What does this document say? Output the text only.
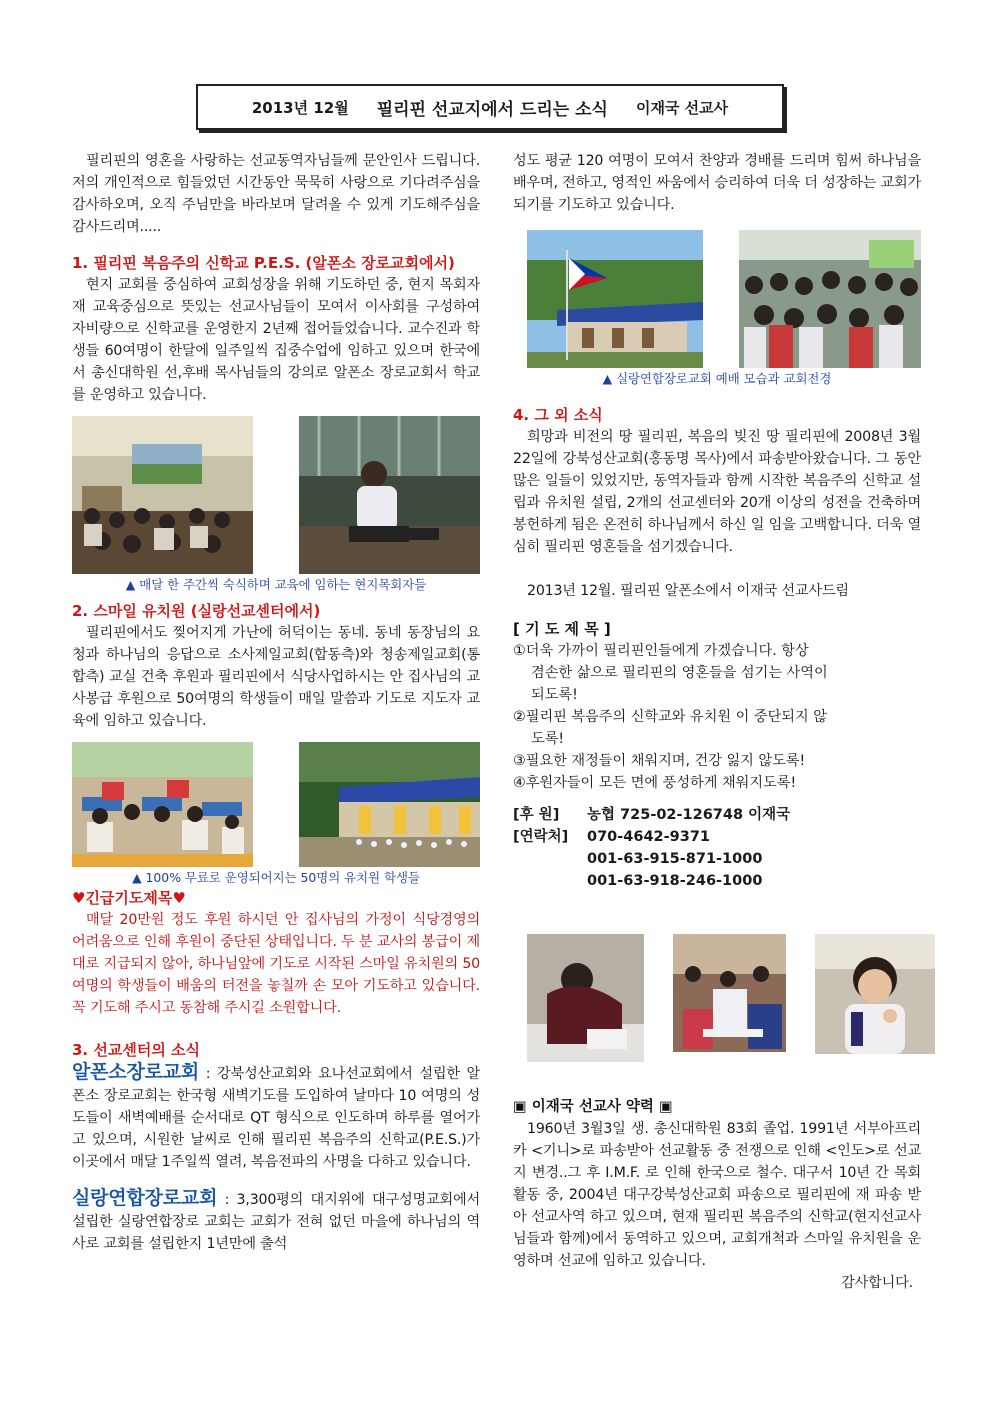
2013년 12월 필리핀 선교지에서 드리는 소식 이재국 선교사

필리핀의 영혼을 사랑하는 선교동역자님들께 문안인사 드립니다. 저의 개인적으로 힘들었던 시간동안 묵묵히 사랑으로 기다려주심을 감사하오며, 오직 주님만을 바라보며 달려올 수 있게 기도해주심을 감사드리며.....

1. 필리핀 복음주의 신학교 P.E.S. (알폰소 장로교회에서)

현지 교회를 중심하여 교회성장을 위해 기도하던 중, 현지 목회자 재 교육중심으로 뜻있는 선교사님들이 모여서 이사회를 구성하여 자비량으로 신학교를 운영한지 2년째 접어들었습니다. 교수진과 학생들 60여명이 한달에 일주일씩 집중수업에 임하고 있으며 한국에서 총신대학원 선,후배 목사님들의 강의로 알폰소 장로교회서 학교를 운영하고 있습니다.

▲ 매달 한 주간씩 숙식하며 교육에 임하는 현지목회자들

2. 스마일 유치원 (실랑선교센터에서)

필리핀에서도 찢어지게 가난에 허덕이는 동네. 동네 동장님의 요청과 하나님의 응답으로 소사제일교회(합동측)와 청송제일교회(통합측) 교실 건축 후원과 필리핀에서 식당사업하시는 안 집사님의 교사봉급 후원으로 50여명의 학생들이 매일 말씀과 기도로 지도자 교육에 임하고 있습니다.

▲ 100% 무료로 운영되어지는 50명의 유치원 학생들

♥긴급기도제목♥

매달 20만원 정도 후원 하시던 안 집사님의 가정이 식당경영의 어려움으로 인해 후원이 중단된 상태입니다. 두 분 교사의 봉급이 제대로 지급되지 않아, 하나님앞에 기도로 시작된 스마일 유치원의 50 여명의 학생들이 배움의 터전을 놓칠까 손 모아 기도하고 있습니다. 꼭 기도해 주시고 동참해 주시길 소원합니다.

3. 선교센터의 소식

알폰소장로교회 : 강북성산교회와 요나선교회에서 설립한 알폰소 장로교회는 한국형 새벽기도를 도입하여 날마다 10 여명의 성도들이 새벽예배를 순서대로 QT 형식으로 인도하며 하루를 열어가고 있으며, 시원한 날씨로 인해 필리핀 복음주의 신학교(P.E.S.)가 이곳에서 매달 1주일씩 열려, 복음전파의 사명을 다하고 있습니다.

실랑연합장로교회 : 3,300평의 대지위에 대구성명교회에서 설립한 실랑연합장로 교회는 교회가 전혀 없던 마을에 하나님의 역사로 교회를 설립한지 1년만에 출석

성도 평균 120 여명이 모여서 찬양과 경배를 드리며 힘써 하나님을 배우며, 전하고, 영적인 싸움에서 승리하여 더욱 더 성장하는 교회가 되기를 기도하고 있습니다.

▲ 실랑연합장로교회 예배 모습과 교회전경

4. 그 외 소식

희망과 비전의 땅 필리핀, 복음의 빚진 땅 필리핀에 2008년 3월 22일에 강북성산교회(홍동명 목사)에서 파송받아왔습니다. 그 동안 많은 일들이 있었지만, 동역자들과 함께 시작한 복음주의 신학교 설립과 유치원 설립, 2개의 선교센터와 20개 이상의 성전을 건축하며 봉헌하게 됨은 온전히 하나님께서 하신 일 임을 고백합니다. 더욱 열심히 필리핀 영혼들을 섬기겠습니다.

2013년 12월. 필리핀 알폰소에서 이재국 선교사드림

[ 기 도 제 목 ]

①더욱 가까이 필리핀인들에게 가겠습니다. 항상
겸손한 삶으로 필리핀의 영혼들을 섬기는 사역이
되도록!

②필리핀 복음주의 신학교와 유치원 이 중단되지 않
도록!

③필요한 재정들이 채워지며, 건강 잃지 않도록!

④후원자들이 모든 면에 풍성하게 채워지도록!

[후 원] 농협 725-02-126748 이재국

[연락처] 070-4642-9371

001-63-915-871-1000

001-63-918-246-1000

▣ 이재국 선교사 약력 ▣

1960년 3월3일 생. 총신대학원 83회 졸업. 1991년 서부아프리카 <기니>로 파송받아 선교활동 중 전쟁으로 인해 <인도>로 선교지 변경..그 후 I.M.F. 로 인해 한국으로 철수. 대구서 10년 간 목회활동 중, 2004년 대구강북성산교회 파송으로 필리핀에 재 파송 받아 선교사역 하고 있으며, 현재 필리핀 복음주의 신학교(현지선교사님들과 함께)에서 동역하고 있으며, 교회개척과 스마일 유치원을 운영하며 선교에 임하고 있습니다.

감사합니다.
